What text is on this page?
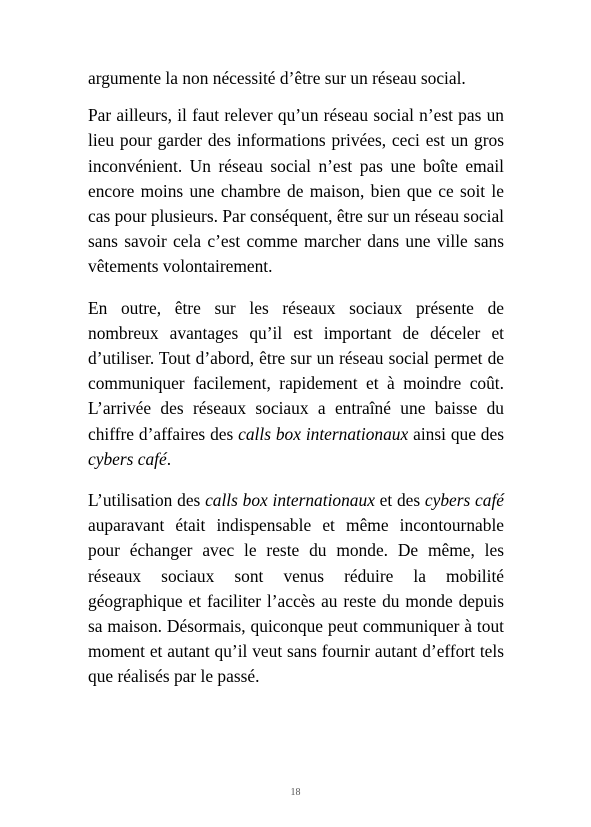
argumente la non nécessité d’être sur un réseau social.

Par ailleurs, il faut relever qu’un réseau social n’est pas un lieu pour garder des informations privées, ceci est un gros inconvénient. Un réseau social n’est pas une boîte email encore moins une chambre de maison, bien que ce soit le cas pour plusieurs. Par conséquent, être sur un réseau social sans savoir cela c’est comme marcher dans une ville sans vêtements volontairement.

En outre, être sur les réseaux sociaux présente de nombreux avantages qu’il est important de déceler et d’utiliser. Tout d’abord, être sur un réseau social permet de communiquer facilement, rapidement et à moindre coût. L’arrivée des réseaux sociaux a entraîné une baisse du chiffre d’affaires des calls box internationaux ainsi que des cybers café.

L’utilisation des calls box internationaux et des cybers café auparavant était indispensable et même incontournable pour échanger avec le reste du monde. De même, les réseaux sociaux sont venus réduire la mobilité géographique et faciliter l’accès au reste du monde depuis sa maison. Désormais, quiconque peut communiquer à tout moment et autant qu’il veut sans fournir autant d’effort tels que réalisés par le passé.

18
